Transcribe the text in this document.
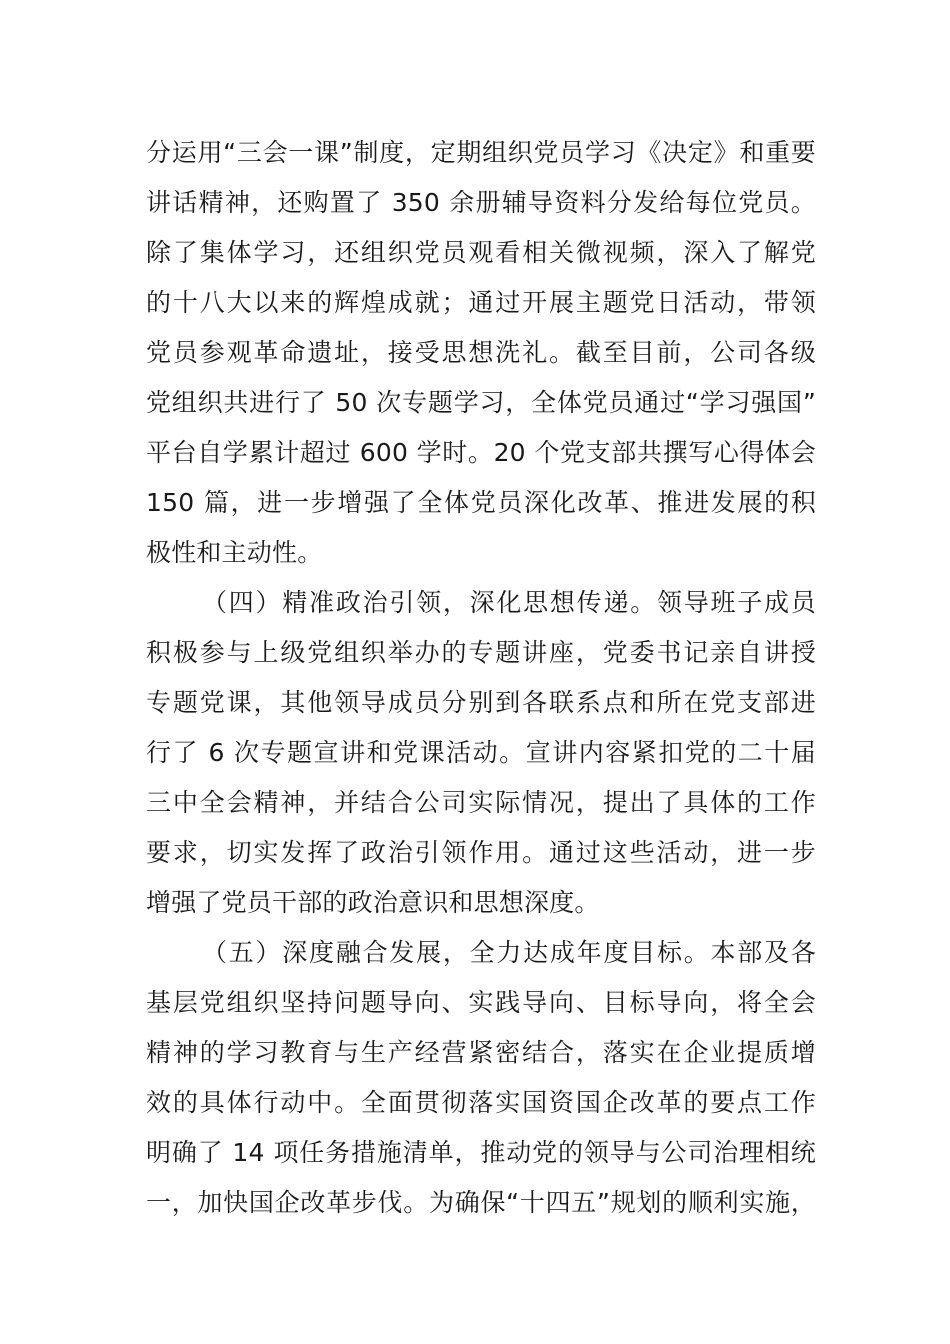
分运用“三会一课”制度，定期组织党员学习《决定》和重要
讲话精神，还购置了 350 余册辅导资料分发给每位党员。
除了集体学习，还组织党员观看相关微视频，深入了解党
的十八大以来的辉煌成就；通过开展主题党日活动，带领
党员参观革命遗址，接受思想洗礼。截至目前，公司各级
党组织共进行了 50 次专题学习，全体党员通过“学习强国”
平台自学累计超过 600 学时。20 个党支部共撰写心得体会
150 篇，进一步增强了全体党员深化改革、推进发展的积
极性和主动性。
（四）精准政治引领，深化思想传递。领导班子成员
积极参与上级党组织举办的专题讲座，党委书记亲自讲授
专题党课，其他领导成员分别到各联系点和所在党支部进
行了 6 次专题宣讲和党课活动。宣讲内容紧扣党的二十届
三中全会精神，并结合公司实际情况，提出了具体的工作
要求，切实发挥了政治引领作用。通过这些活动，进一步
增强了党员干部的政治意识和思想深度。
（五）深度融合发展，全力达成年度目标。本部及各
基层党组织坚持问题导向、实践导向、目标导向，将全会
精神的学习教育与生产经营紧密结合，落实在企业提质增
效的具体行动中。全面贯彻落实国资国企改革的要点工作
明确了 14 项任务措施清单，推动党的领导与公司治理相统
一，加快国企改革步伐。为确保“十四五”规划的顺利实施，
